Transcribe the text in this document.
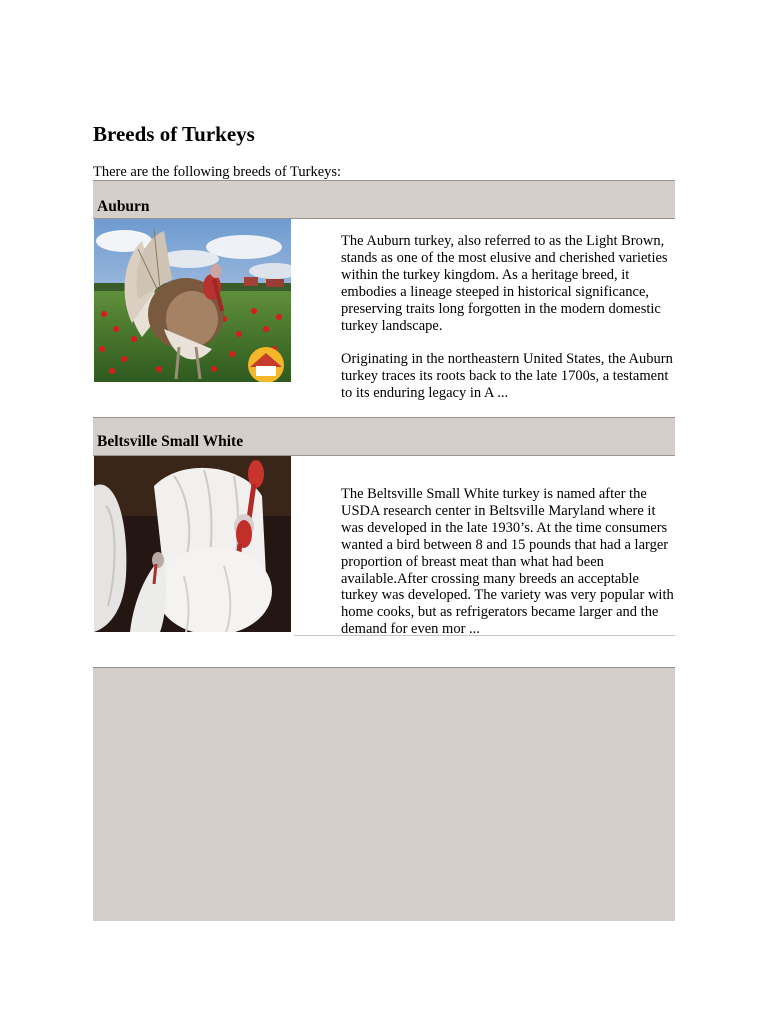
Breeds of Turkeys
There are the following breeds of Turkeys:
Auburn

The Auburn turkey, also referred to as the Light Brown, stands as one of the most elusive and cherished varieties within the turkey kingdom. As a heritage breed, it embodies a lineage steeped in historical significance, preserving traits long forgotten in the modern domestic turkey landscape.

Originating in the northeastern United States, the Auburn turkey traces its roots back to the late 1700s, a testament to its enduring legacy in A ...

Beltsville Small White

The Beltsville Small White turkey is named after the USDA research center in Beltsville Maryland where it was developed in the late 1930’s. At the time consumers wanted a bird between 8 and 15 pounds that had a larger proportion of breast meat than what had been available.After crossing many breeds an acceptable turkey was developed. The variety was very popular with home cooks, but as refrigerators became larger and the demand for even mor ...
